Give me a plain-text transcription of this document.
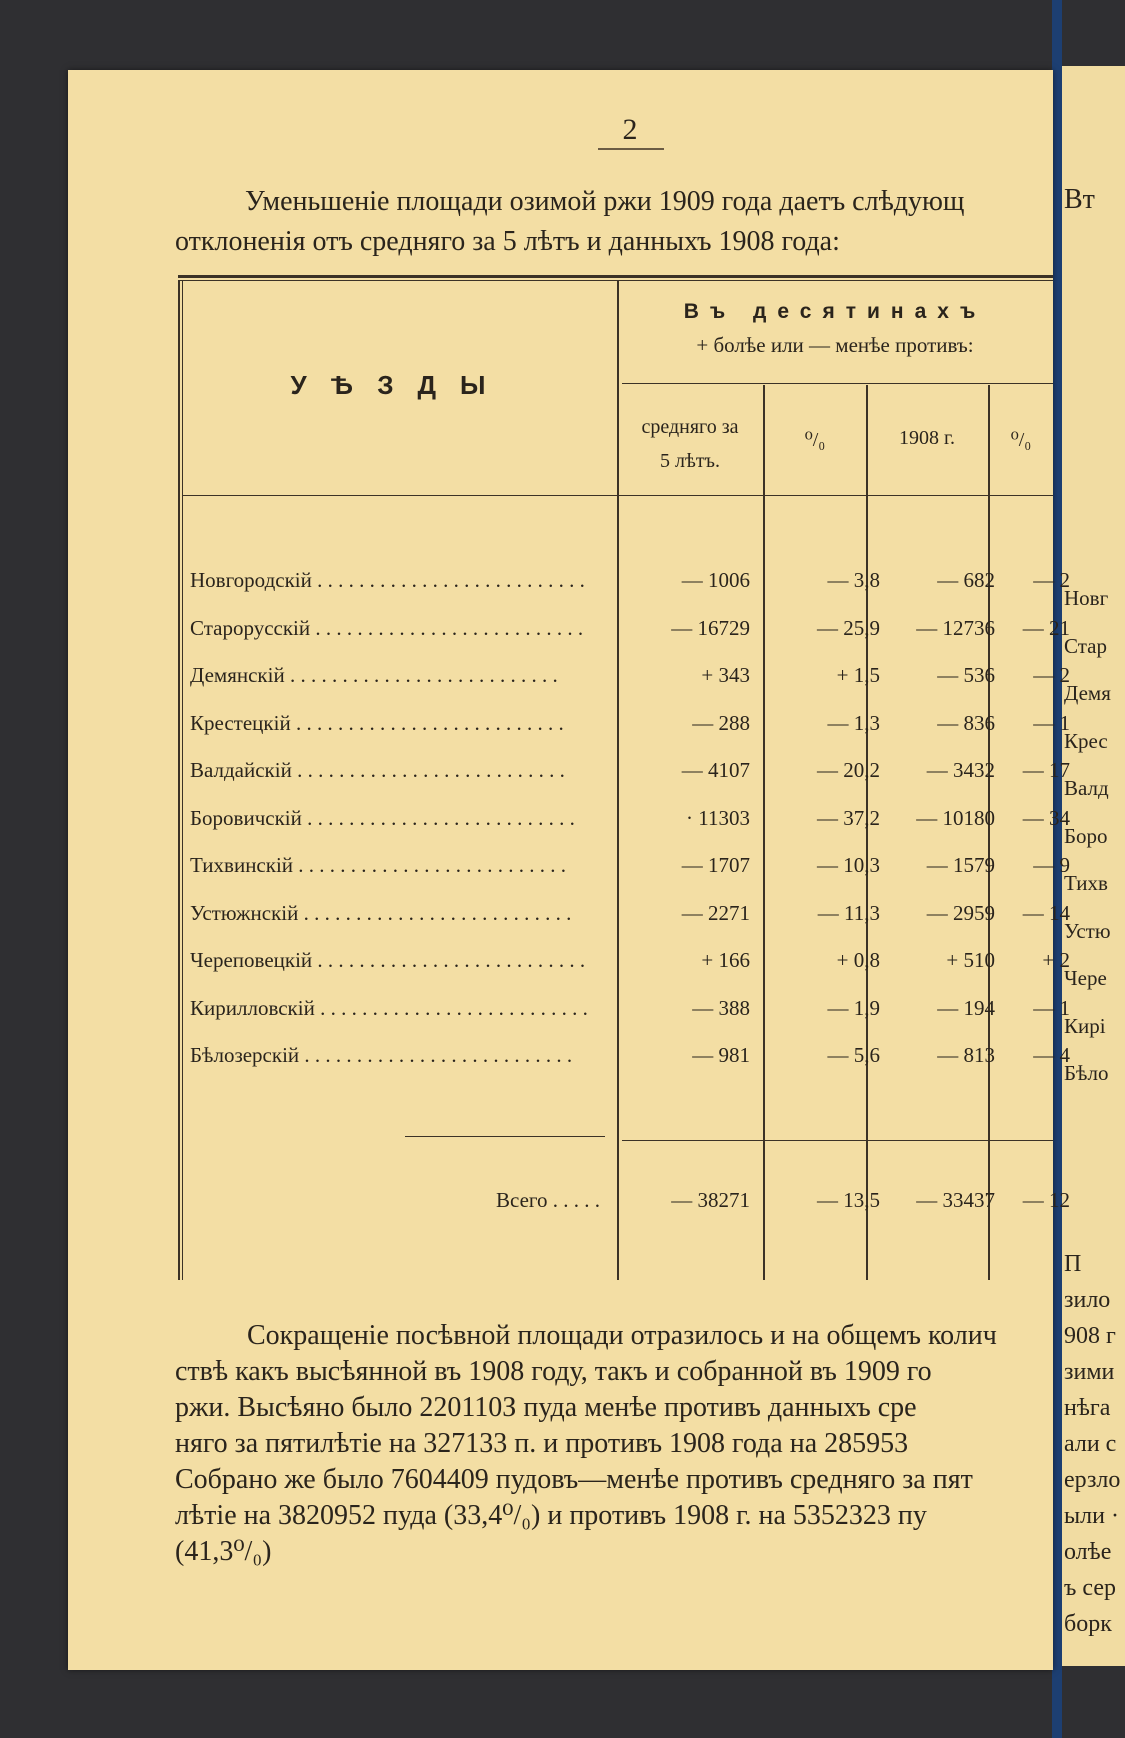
Вт
Новг
Стар
Демя
Крес
Валд
Боро
Тихв
Устю
Чере
Кирі
Бѣло
П
зило
908 г
зими
нѣга
али с
ерзло
ыли ·
олѣе
ъ сер
борк
2
Уменьшеніе площади озимой ржи 1909 года даетъ слѣдующ
отклоненія отъ средняго за 5 лѣтъ и данныхъ 1908 года:
УѢЗДЫ
Въ десятинахъ
+ болѣе или — менѣе противъ:
средняго за
5 лѣтъ.
⁰/₀	1908 г.	⁰/₀
Новгородскій . . .	— 1006	— 3,8	— 682	— 2
Старорусскій . . .	— 16729	— 25,9	— 12736	— 21
Демянскій . . .	+ 343	+ 1,5	— 536	— 2
Крестецкій . . .	— 288	— 1,3	— 836	— 1
Валдайскій . . .	— 4107	— 20,2	— 3432	— 17
Боровичскій . . .	· 11303	— 37,2	— 10180	— 34
Тихвинскій . . .	— 1707	— 10,3	— 1579	— 9
Устюжнскій . . .	— 2271	— 11,3	— 2959	— 14
Череповецкій . . .	+ 166	+ 0,8	+ 510	+ 2
Кирилловскій . . .	— 388	— 1,9	— 194	— 1
Бѣлозерскій . . .	— 981	— 5,6	— 813	— 4
Всего . . . . .	— 38271	— 13,5	— 33437	— 12
Сокращеніе посѣвной площади отразилось и на общемъ колич
ствѣ какъ высѣянной въ 1908 году, такъ и собранной въ 1909 го
ржи. Высѣяно было 220110З пуда менѣе противъ данныхъ сре
няго за пятилѣтіе на 327133 п. и противъ 1908 года на 285953
Собрано же было 7604409 пудовъ—менѣе противъ средняго за пят
лѣтіе на 3820952 пуда (33,4⁰/₀) и противъ 1908 г. на 5352323 пу
(41,3⁰/₀)
